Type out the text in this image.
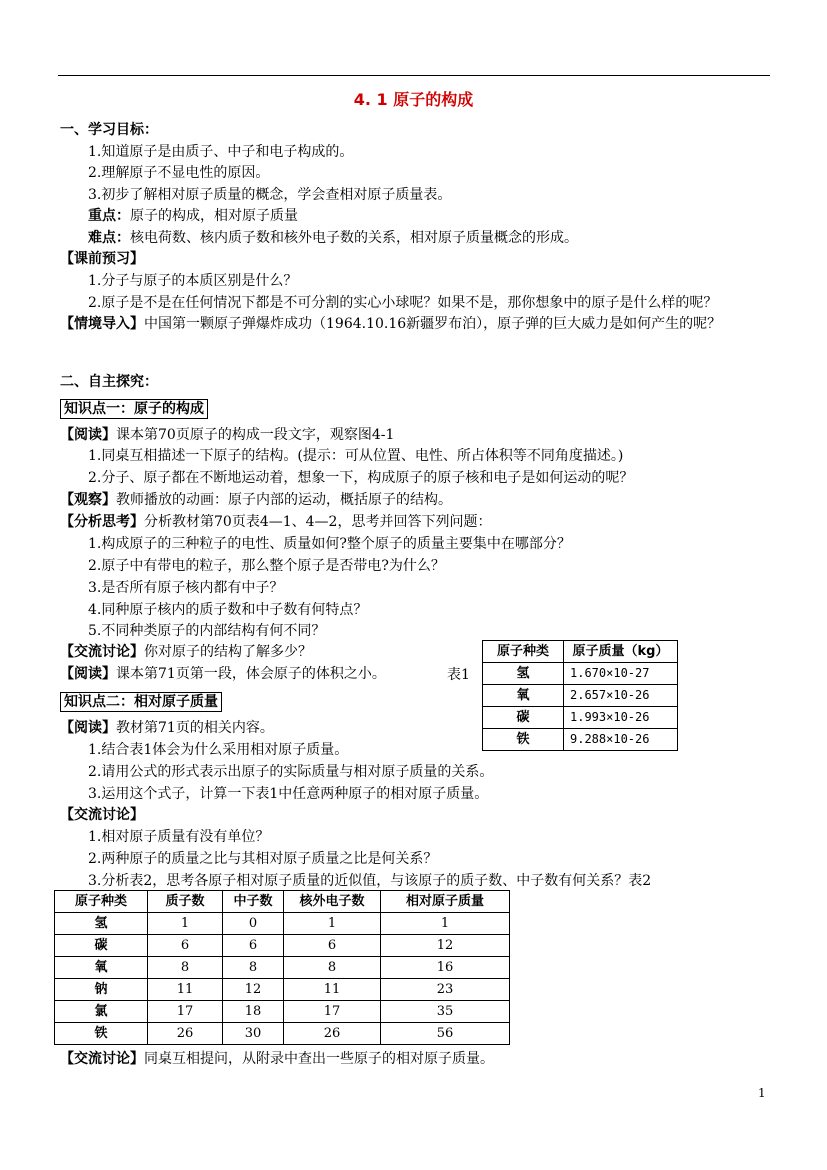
4. 1 原子的构成
一、学习目标：
1.知道原子是由质子、中子和电子构成的。
2.理解原子不显电性的原因。
3.初步了解相对原子质量的概念，学会查相对原子质量表。
重点：原子的构成，相对原子质量
难点：核电荷数、核内质子数和核外电子数的关系，相对原子质量概念的形成。
【课前预习】
1.分子与原子的本质区别是什么？
2.原子是不是在任何情况下都是不可分割的实心小球呢？如果不是，那你想象中的原子是什么样的呢？
【情境导入】中国第一颗原子弹爆炸成功（1964.10.16新疆罗布泊），原子弹的巨大威力是如何产生的呢？
二、自主探究：
知识点一：原子的构成
【阅读】课本第70页原子的构成一段文字，观察图4-1
1.同桌互相描述一下原子的结构。(提示：可从位置、电性、所占体积等不同角度描述。)
2.分子、原子都在不断地运动着，想象一下，构成原子的原子核和电子是如何运动的呢？
【观察】教师播放的动画：原子内部的运动，概括原子的结构。
【分析思考】分析教材第70页表4—1、4—2，思考并回答下列问题：
1.构成原子的三种粒子的电性、质量如何?整个原子的质量主要集中在哪部分？
2.原子中有带电的粒子，那么整个原子是否带电?为什么？
3.是否所有原子核内都有中子？
4.同种原子核内的质子数和中子数有何特点？
5.不同种类原子的内部结构有何不同？
【交流讨论】你对原子的结构了解多少？
【阅读】课本第71页第一段，体会原子的体积之小。	表1
原子种类	原子质量（kg）
氢	1.670×10-27
氧	2.657×10-26
碳	1.993×10-26
铁	9.288×10-26
知识点二：相对原子质量
【阅读】教材第71页的相关内容。
1.结合表1体会为什么采用相对原子质量。
2.请用公式的形式表示出原子的实际质量与相对原子质量的关系。
3.运用这个式子，计算一下表1中任意两种原子的相对原子质量。
【交流讨论】
1.相对原子质量有没有单位？
2.两种原子的质量之比与其相对原子质量之比是何关系？
3.分析表2，思考各原子相对原子质量的近似值，与该原子的质子数、中子数有何关系？表2
原子种类	质子数	中子数	核外电子数	相对原子质量
氢	1	0	1	1
碳	6	6	6	12
氧	8	8	8	16
钠	11	12	11	23
氯	17	18	17	35
铁	26	30	26	56
【交流讨论】同桌互相提问，从附录中查出一些原子的相对原子质量。
1
